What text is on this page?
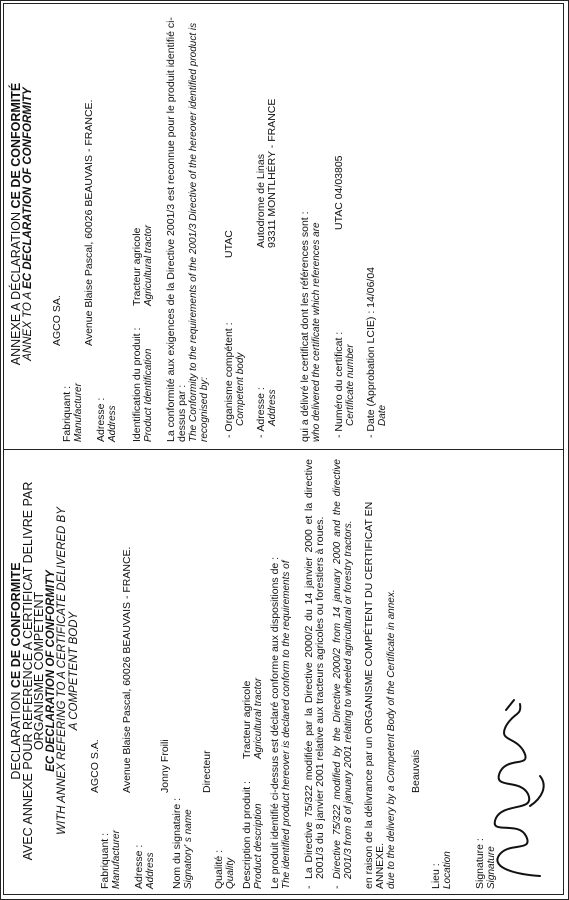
ANNEXE A DÉCLARATION CE DE CONFORMITÉ
ANNEX TO A EC DECLARATION OF CONFORMITY
Fabriquant : Manufacturer
AGCO SA.
Adresse : Address
Avenue Blaise Pascal, 60026 BEAUVAIS - FRANCE.
Identification du produit : Product Identification
Tracteur agricole Agricultural tractor La conformité aux exigences de la Directive 2001/3 est reconnue pour le produit identifié ci-dessus par : The Conformity to the requirements of the 2001/3 Directive of the hereover identified product is recognised by: - Organisme compétent : Competent body
UTAC
- Adresse : Address
Autodrome de Linas 93311 MONTLHÉRY - FRANCE
qui a délivré le certificat dont les références sont : who delivered the certificate which references are - Numéro du certificat : Certificate number
UTAC 04/03805
- Date (Approbation LCIE) : 14/06/04 Date
DECLARATION CE DE CONFORMITE
AVEC ANNEXE POUR REFERENCE A CERTIFICAT DELIVRE PAR
ORGANISME COMPETENT
EC DECLARATION OF CONFORMITY WITH ANNEX REFERING TO A CERTIFICATE DELIVERED BY A COMPETENT BODY
Fabriquant : Manufacturer
AGCO S.A.
Adresse : Address
Avenue Blaise Pascal, 60026 BEAUVAIS - FRANCE.
Nom du signataire : Signatory' s name
Jonny Froili
Qualité : Quality
Directeur
Description du produit : Product description
Tracteur agricole Agricultural tractor Le produit identifié ci-dessus est déclaré conforme aux dispositions de : The identified product hereover is declared conform to the requirements of -
La Directive 75/322 modifiée par la Directive 2000/2 du 14 janvier 2000 et la directive 2001/3 du 8 janvier 2001 relative aux tracteurs agricoles ou forestiers à roues.
-
Directive 75/322 modified by the Directive 2000/2 from 14 january 2000 and the directive 2001/3 from 8 of january 2001 relating to wheeled agricultural or forestry tractors. en raison de la délivrance par un ORGANISME COMPÉTENT DU CERTIFICAT EN ANNEXE. due to the delivery by a Competent Body of the Certificate in annex.	Lieu : Location
Beauvais
Signature : Signature
